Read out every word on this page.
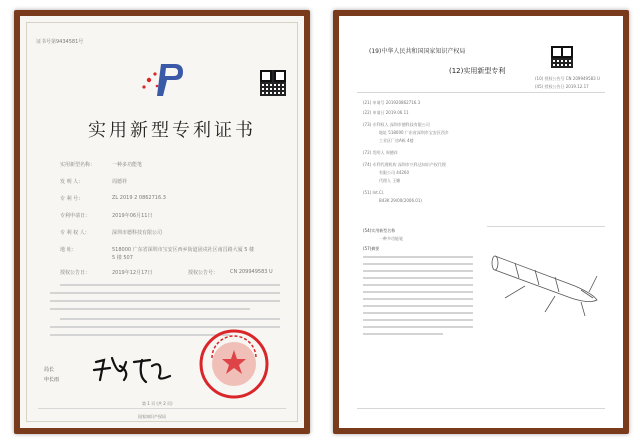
证书号第9434581号
实用新型专利证书
实用新型名称：	一种多功能笔
发 明 人：	周德祥
专 利 号：	ZL 2019 2 0862716.3
专利申请日：	2019年06月11日
专 利 权 人：	深圳市德科技有限公司
地 址：	518000 广东省深圳市宝安区西乡街道固戍社区南昌路大厦 5 楼
5 楼 507
授权公告日：	2019年12月17日	授权公告号： CN 209949583 U
局长
申长雨
第 1 页 (共 2 页)
国家知识产权局
(19)中华人民共和国国家知识产权局
(12)实用新型专利
(10) 授权公告号 CN 209949583 U
(45) 授权公告日 2019.12.17
(21) 申请号 201920862716.3
(22) 申请日 2019.06.11
(73) 专利权人 深圳市德科技有限公司
地址 518000 广东省深圳市宝安区西乡
工业区厂房A栋 4楼
(72) 发明人 周德祥
(74) 专利代理机构 深圳市兴科达知识产权代理
有限公司 44260
代理人 王姗
(51) Int.Cl.
B43K 29/00(2006.01)
(54)实用新型名称
一种多功能笔
(57)摘要
